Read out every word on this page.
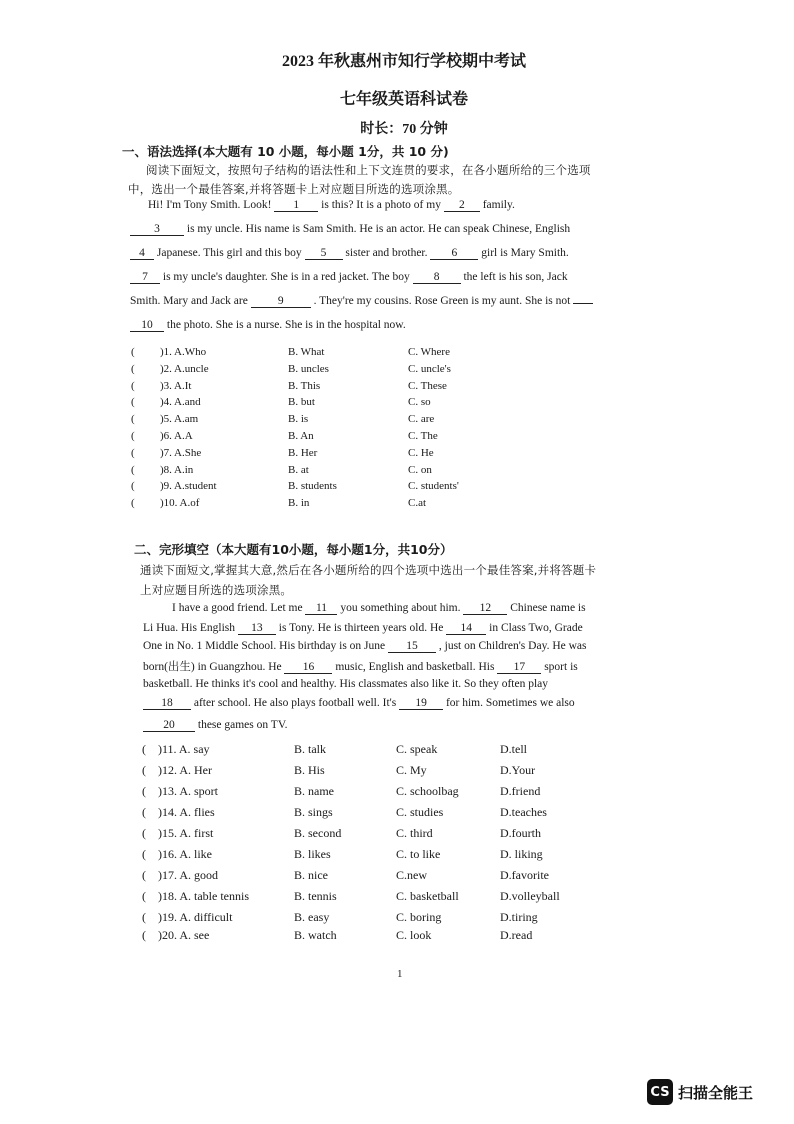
2023 年秋惠州市知行学校期中考试
七年级英语科试卷
时长：70 分钟
一、语法选择(本大题有 10 小题，每小题 1分，共 10 分)
阅读下面短文，按照句子结构的语法性和上下文连贯的要求，在各小题所给的三个选项
中，选出一个最佳答案,并将答题卡上对应题目所选的选项涂黑。
Hi! I'm Tony Smith. Look! 1 is this? It is a photo of my 2 family.
3 is my uncle. His name is Sam Smith. He is an actor. He can speak Chinese, English
4 Japanese. This girl and this boy 5 sister and brother. 6 girl is Mary Smith.
7 is my uncle's daughter. She is in a red jacket. The boy 8 the left is his son, Jack
Smith. Mary and Jack are	9	. They're my cousins. Rose Green is my aunt. She is not
10 the photo. She is a nurse. She is in the hospital now.
( )1. A.Who	B. What	C. Where
( )2. A.uncle	B. uncles	C. uncle's
( )3. A.It	B. This	C. These
( )4. A.and	B. but	C. so
( )5. A.am	B. is	C. are
( )6. A.A	B. An	C. The
( )7. A.She	B. Her	C. He
( )8. A.in	B. at	C. on
( )9. A.student	B. students	C. students'
( )10. A.of	B. in	C.at
二、完形填空（本大题有10小题，每小题1分，共10分）
通读下面短文,掌握其大意,然后在各小题所给的四个选项中选出一个最佳答案,并将答题卡
上对应题目所选的选项涂黑。
I have a good friend. Let me 11 you something about him. 12 Chinese name is
Li Hua. His English 13 is Tony. He is thirteen years old. He 14 in Class Two, Grade
One in No. 1 Middle School. His birthday is on June 15 , just on Children's Day. He was
born(出生) in Guangzhou. He 16 music, English and basketball. His 17 sport is
basketball. He thinks it's cool and healthy. His classmates also like it. So they often play
18 after school. He also plays football well. It's 19 for him. Sometimes we also
20 these games on TV.
( )11. A. say	B. talk	C. speak	D.tell
( )12. A. Her	B. His	C. My	D.Your
( )13. A. sport	B. name	C. schoolbag	D.friend
( )14. A. flies	B. sings	C. studies	D.teaches
( )15. A. first	B. second	C. third	D.fourth
( )16. A. like	B. likes	C. to like	D. liking
( )17. A. good	B. nice	C.new	D.favorite
( )18. A. table tennis	B. tennis	C. basketball	D.volleyball
( )19. A. difficult	B. easy	C. boring	D.tiring
( )20. A. see	B. watch	C. look	D.read
1
CS 扫描全能王
